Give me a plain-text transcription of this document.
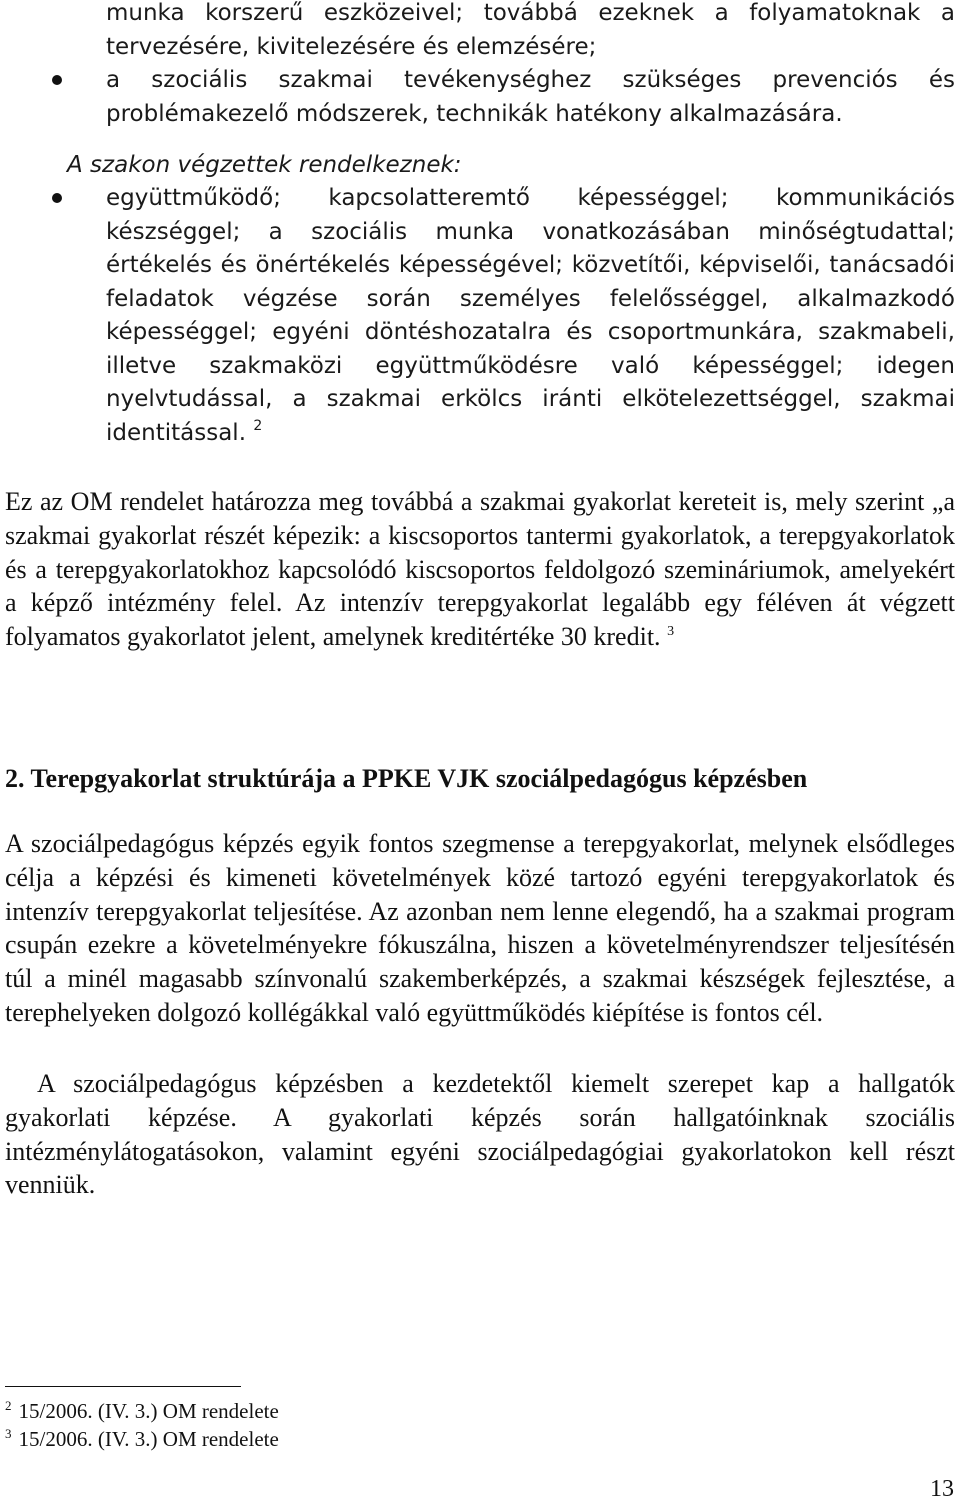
munka korszerű eszközeivel; továbbá ezeknek a folyamatoknak a tervezésére, kivitelezésére és elemzésére;
a szociális szakmai tevékenységhez szükséges prevenciós és problémakezelő módszerek, technikák hatékony alkalmazására.
A szakon végzettek rendelkeznek:
együttműködő; kapcsolatteremtő képességgel; kommunikációs készséggel; a szociális munka vonatkozásában minőségtudattal; értékelés és önértékelés képességével; közvetítői, képviselői, tanácsadói feladatok végzése során személyes felelősséggel, alkalmazkodó képességgel; egyéni döntéshozatalra és csoportmunkára, szakmabeli, illetve szakmaközi együttműködésre való képességgel; idegen nyelvtudással, a szakmai erkölcs iránti elkötelezettséggel, szakmai identitással. $^2$

Ez az OM rendelet határozza meg továbbá a szakmai gyakorlat kereteit is, mely szerint „a szakmai gyakorlat részét képezik: a kiscsoportos tantermi gyakorlatok, a terepgyakorlatok és a terepgyakorlatokhoz kapcsolódó kiscsoportos feldolgozó szemináriumok, amelyekért a képző intézmény felel. Az intenzív terepgyakorlat legalább egy féléven át végzett folyamatos gyakorlatot jelent, amelynek kreditértéke 30 kredit. $^3$

2. Terepgyakorlat struktúrája a PPKE VJK szociálpedagógus képzésben

A szociálpedagógus képzés egyik fontos szegmense a terepgyakorlat, melynek elsődleges célja a képzési és kimeneti követelmények közé tartozó egyéni terepgyakorlatok és intenzív terepgyakorlat teljesítése. Az azonban nem lenne elegendő, ha a szakmai program csupán ezekre a követelményekre fókuszálna, hiszen a követelményrendszer teljesítésén túl a minél magasabb színvonalú szakemberképzés, a szakmai készségek fejlesztése, a terephelyeken dolgozó kollégákkal való együttműködés kiépítése is fontos cél.

A szociálpedagógus képzésben a kezdetektől kiemelt szerepet kap a hallgatók gyakorlati képzése. A gyakorlati képzés során hallgatóinknak szociális intézménylátogatásokon, valamint egyéni szociálpedagógiai gyakorlatokon kell részt venniük.

$^2$ 15/2006. (IV. 3.) OM rendelete
$^3$ 15/2006. (IV. 3.) OM rendelete
13
